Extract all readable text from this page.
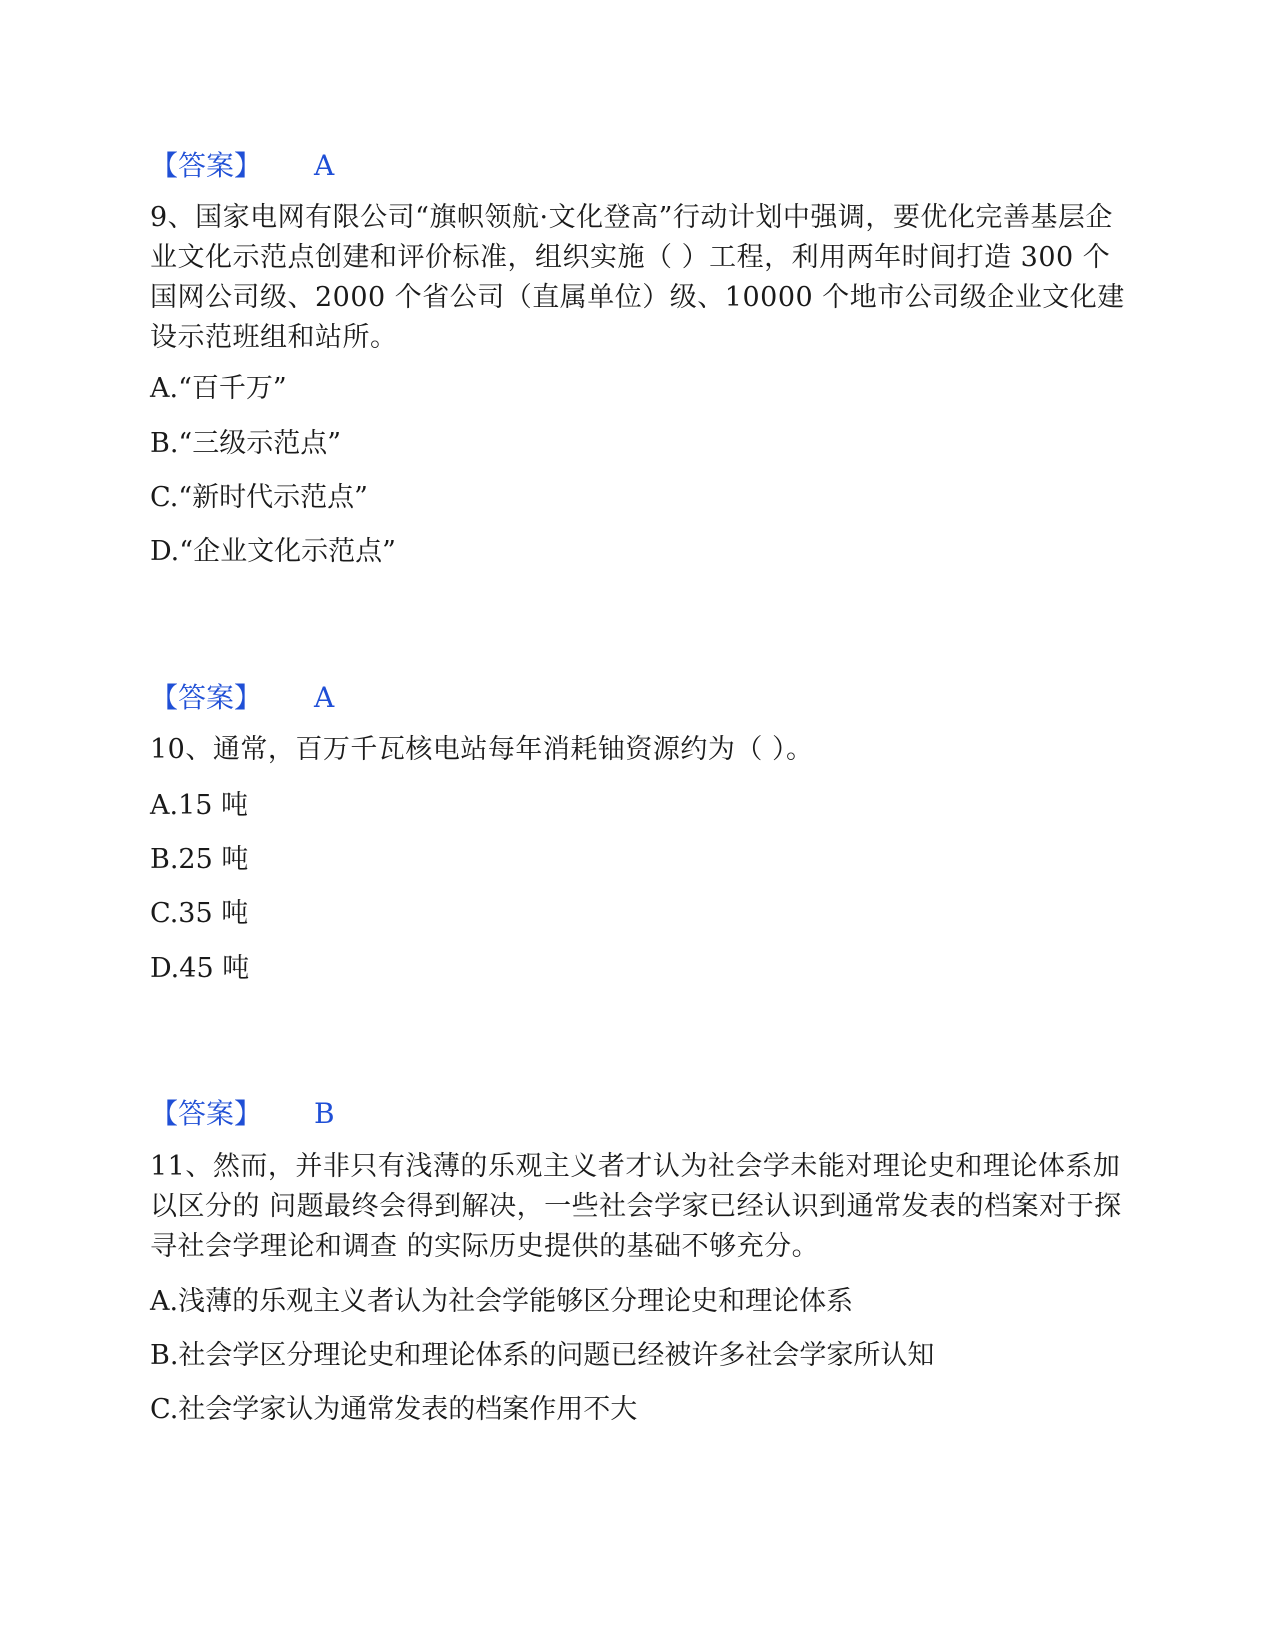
【答案】 A

9、国家电网有限公司“旗帜领航·文化登高”行动计划中强调，要优化完善基层企业文化示范点创建和评价标准，组织实施（ ）工程，利用两年时间打造 300 个国网公司级、2000 个省公司（直属单位）级、10000 个地市公司级企业文化建设示范班组和站所。

A.“百千万”
B.“三级示范点”
C.“新时代示范点”
D.“企业文化示范点”
【答案】 A

10、通常，百万千瓦核电站每年消耗铀资源约为（ ）。

A.15 吨
B.25 吨
C.35 吨
D.45 吨
【答案】 B

11、然而，并非只有浅薄的乐观主义者才认为社会学未能对理论史和理论体系加以区分的 问题最终会得到解决，一些社会学家已经认识到通常发表的档案对于探寻社会学理论和调查 的实际历史提供的基础不够充分。

A.浅薄的乐观主义者认为社会学能够区分理论史和理论体系
B.社会学区分理论史和理论体系的问题已经被许多社会学家所认知
C.社会学家认为通常发表的档案作用不大
